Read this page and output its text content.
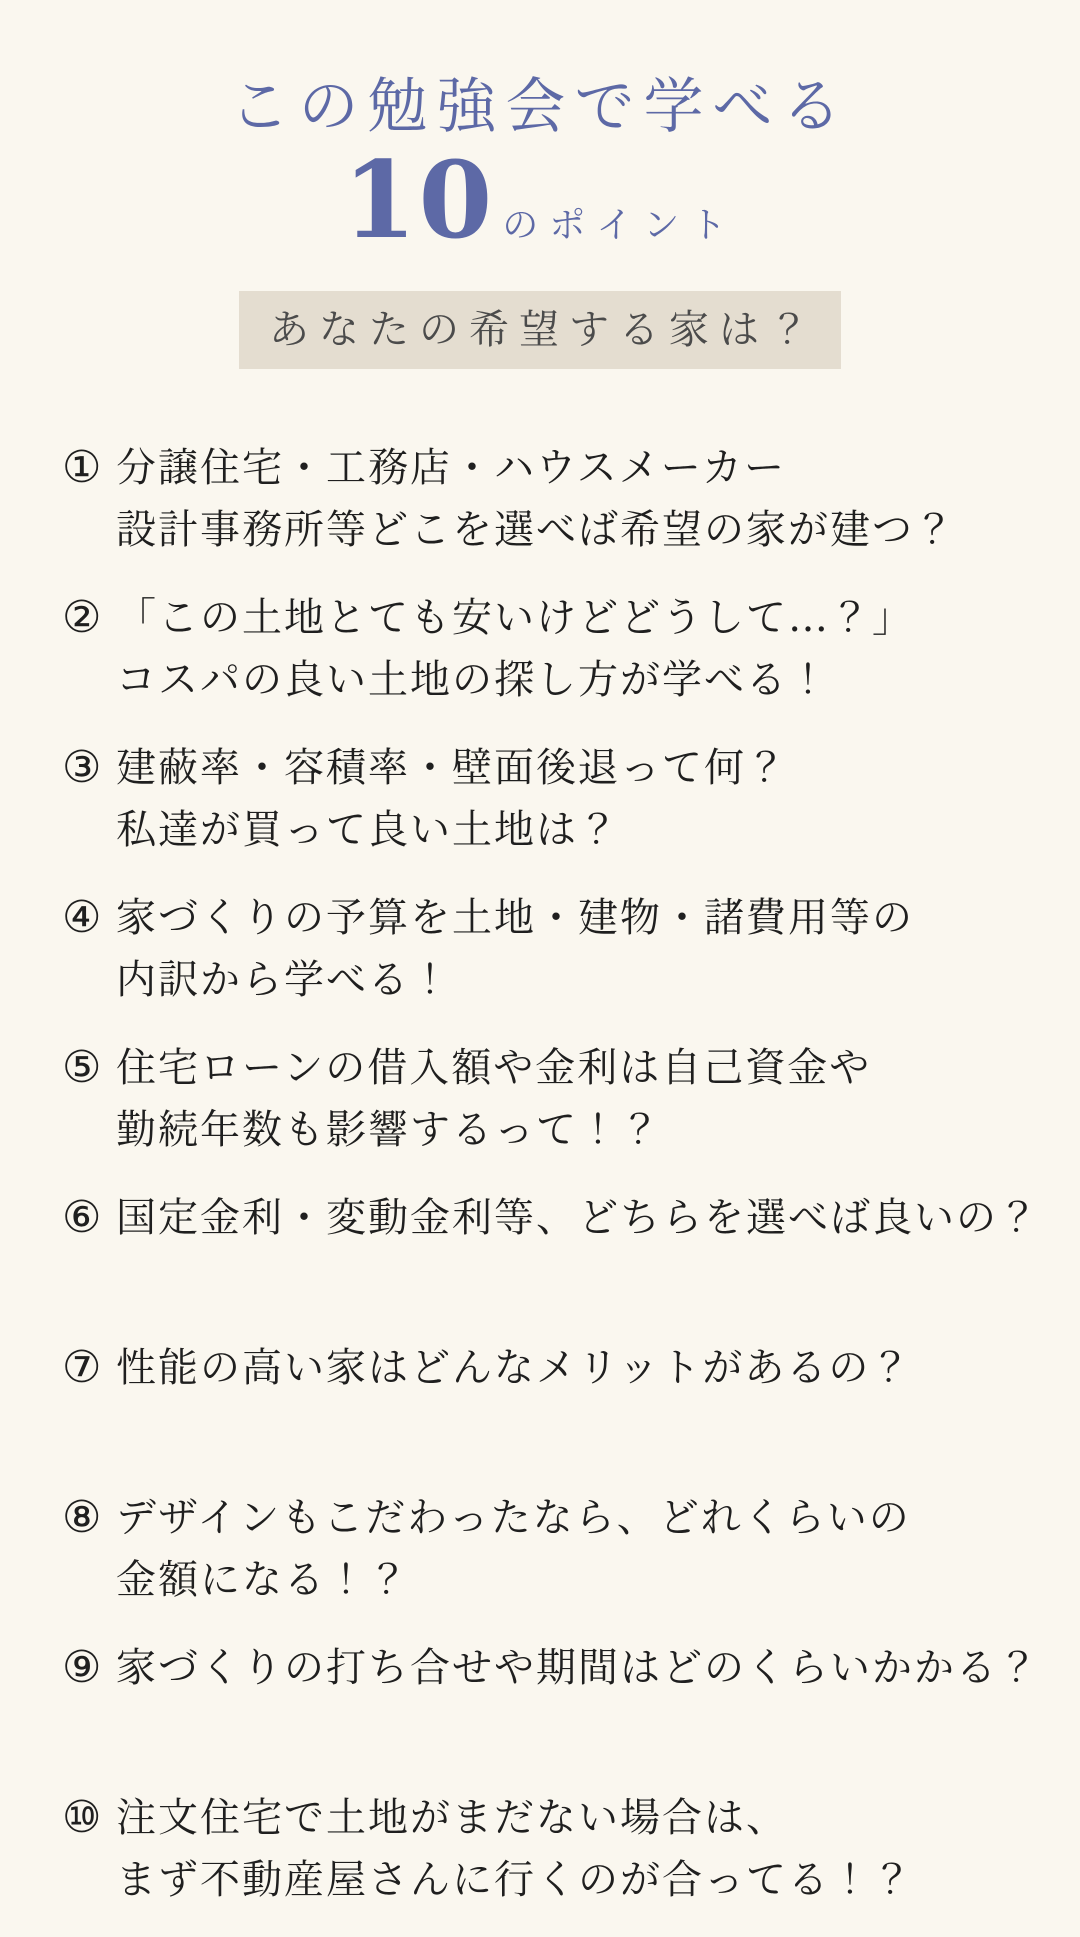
この勉強会で学べる
10 のポイント
あなたの希望する家は？
① 分譲住宅・工務店・ハウスメーカー
設計事務所等どこを選べば希望の家が建つ？
② 「この土地とても安いけどどうして…？」
コスパの良い土地の探し方が学べる！
③ 建蔽率・容積率・壁面後退って何？
私達が買って良い土地は？
④ 家づくりの予算を土地・建物・諸費用等の
内訳から学べる！
⑤ 住宅ローンの借入額や金利は自己資金や
勤続年数も影響するって！？
⑥ 国定金利・変動金利等、どちらを選べば良いの？
⑦ 性能の高い家はどんなメリットがあるの？
⑧ デザインもこだわったなら、どれくらいの
金額になる！？
⑨ 家づくりの打ち合せや期間はどのくらいかかる？
⑩ 注文住宅で土地がまだない場合は、
まず不動産屋さんに行くのが合ってる！？
